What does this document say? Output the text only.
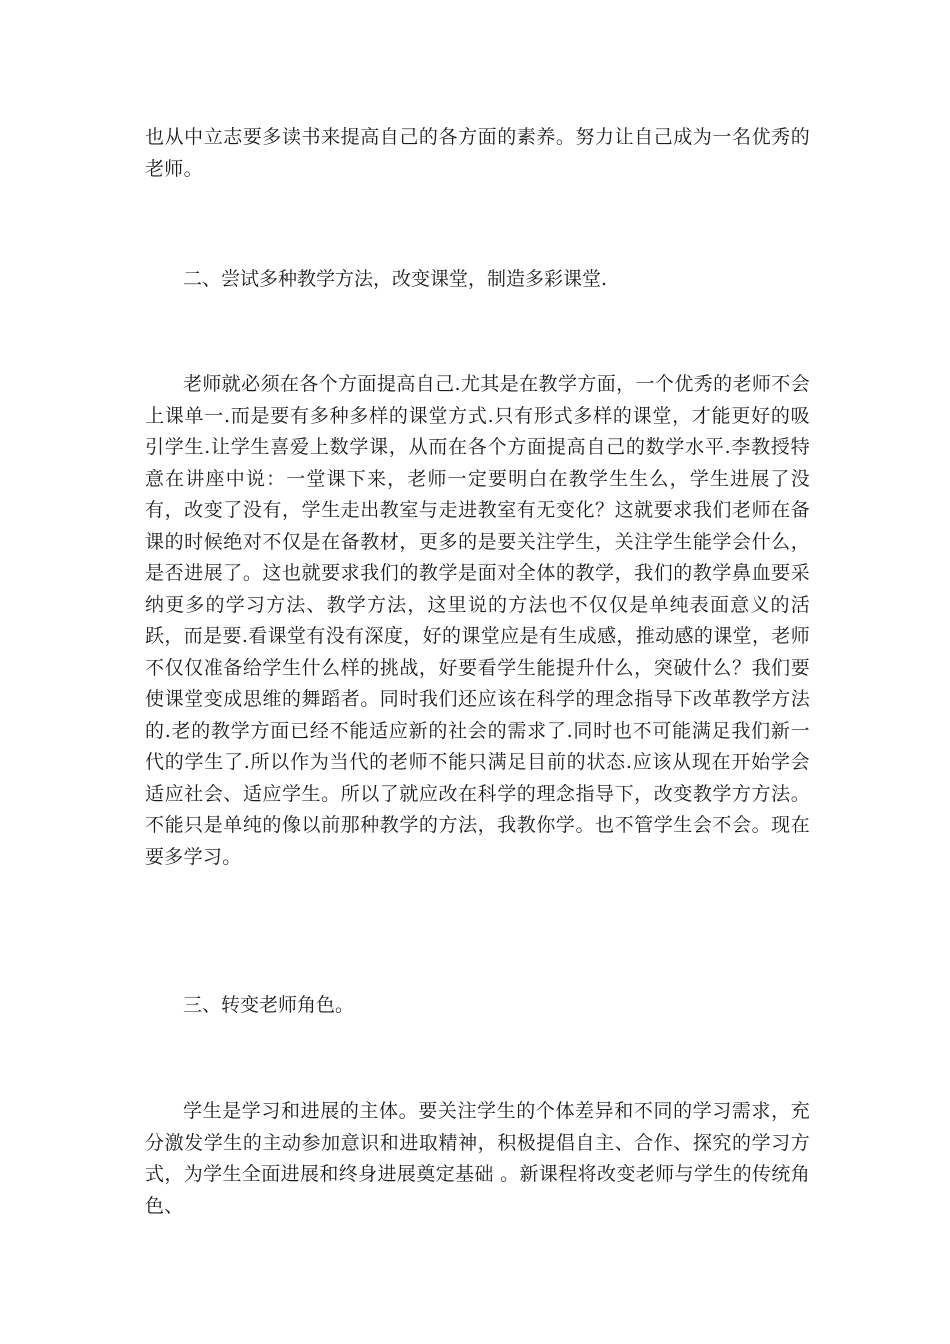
也从中立志要多读书来提高自己的各方面的素养。努力让自己成为一名优秀的老师。

二、尝试多种教学方法，改变课堂，制造多彩课堂.

老师就必须在各个方面提高自己.尤其是在教学方面，一个优秀的老师不会上课单一.而是要有多种多样的课堂方式.只有形式多样的课堂，才能更好的吸引学生.让学生喜爱上数学课，从而在各个方面提高自己的数学水平.李教授特意在讲座中说：一堂课下来，老师一定要明白在教学生生么，学生进展了没有，改变了没有，学生走出教室与走进教室有无变化？这就要求我们老师在备课的时候绝对不仅是在备教材，更多的是要关注学生，关注学生能学会什么，是否进展了。这也就要求我们的教学是面对全体的教学，我们的教学鼻血要采纳更多的学习方法、教学方法，这里说的方法也不仅仅是单纯表面意义的活跃，而是要.看课堂有没有深度，好的课堂应是有生成感，推动感的课堂，老师不仅仅准备给学生什么样的挑战，好要看学生能提升什么，突破什么？我们要使课堂变成思维的舞蹈者。同时我们还应该在科学的理念指导下改革教学方法的.老的教学方面已经不能适应新的社会的需求了.同时也不可能满足我们新一代的学生了.所以作为当代的老师不能只满足目前的状态.应该从现在开始学会适应社会、适应学生。所以了就应改在科学的理念指导下，改变教学方方法。不能只是单纯的像以前那种教学的方法，我教你学。也不管学生会不会。现在要多学习。

三、转变老师角色。

学生是学习和进展的主体。要关注学生的个体差异和不同的学习需求，充分激发学生的主动参加意识和进取精神，积极提倡自主、合作、探究的学习方式，为学生全面进展和终身进展奠定基础 。新课程将改变老师与学生的传统角色、
